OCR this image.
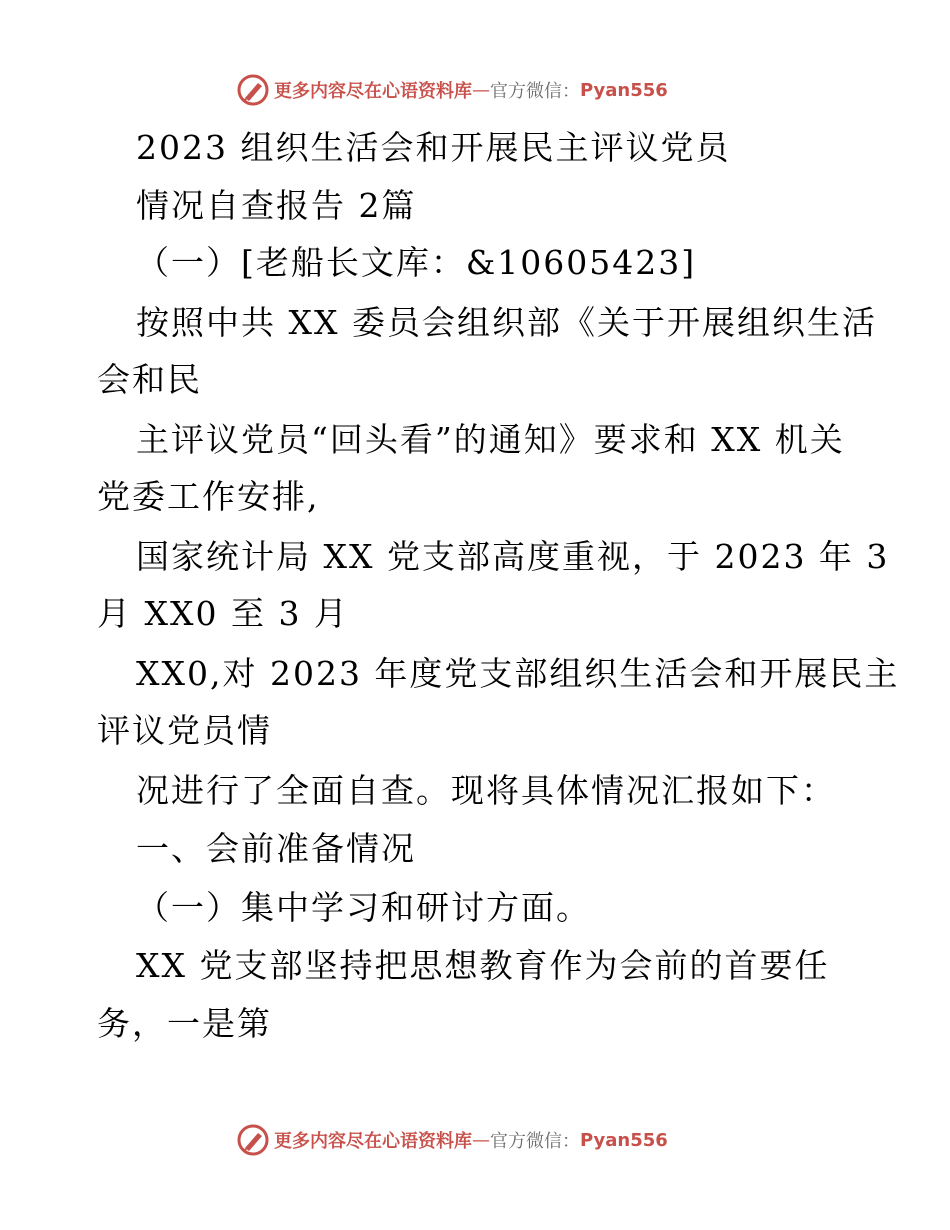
更多内容尽在心语资料库 — 官方微信： Pyan556
2023 组织生活会和开展民主评议党员
情况自查报告 2篇
（一）[老船长文库：&10605423]
按照中共 XX 委员会组织部《关于开展组织生活
会和民
主评议党员“回头看”的通知》要求和 XX 机关
党委工作安排,
国家统计局 XX 党支部高度重视，于 2023 年 3
月 XX0 至 3 月
XX0,对 2023 年度党支部组织生活会和开展民主
评议党员情
况进行了全面自查。现将具体情况汇报如下：
一、会前准备情况
（一）集中学习和研讨方面。
XX 党支部坚持把思想教育作为会前的首要任
务，一是第
更多内容尽在心语资料库 — 官方微信： Pyan556
